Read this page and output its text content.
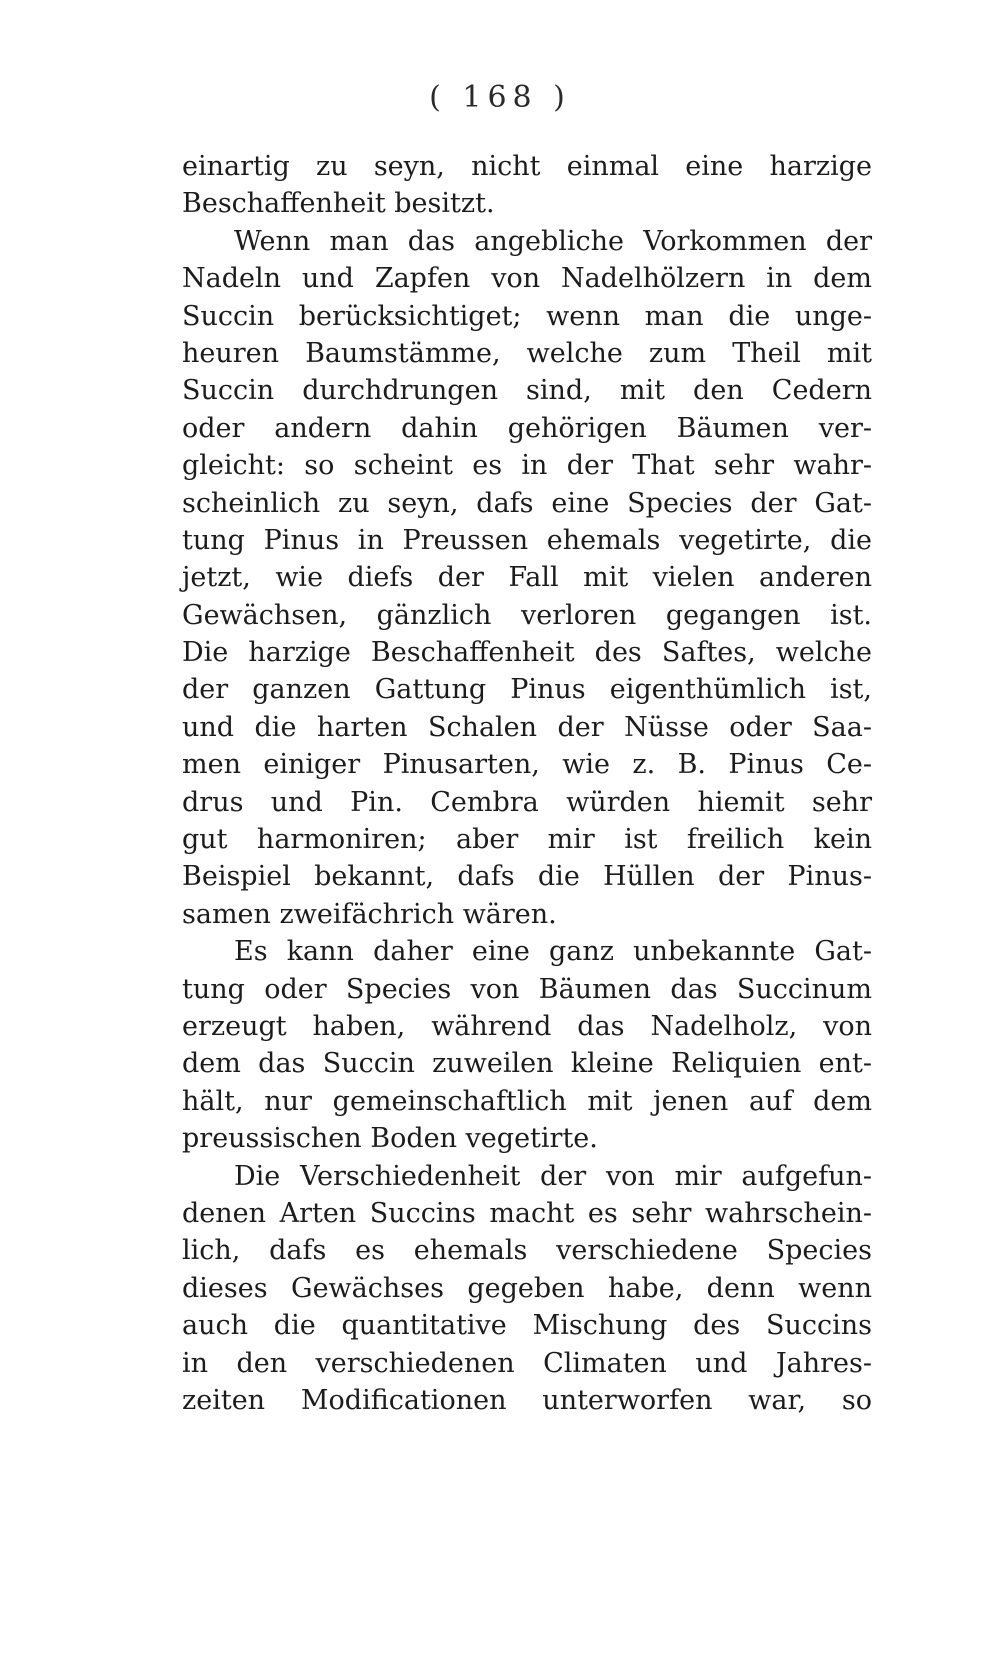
( 168 )
einartig zu seyn, nicht einmal eine harzige
Beschaffenheit besitzt.
Wenn man das angebliche Vorkommen der
Nadeln und Zapfen von Nadelhölzern in dem
Succin berücksichtiget; wenn man die unge-
heuren Baumstämme, welche zum Theil mit
Succin durchdrungen sind, mit den Cedern
oder andern dahin gehörigen Bäumen ver-
gleicht: so scheint es in der That sehr wahr-
scheinlich zu seyn, dafs eine Species der Gat-
tung Pinus in Preussen ehemals vegetirte, die
jetzt, wie diefs der Fall mit vielen anderen
Gewächsen, gänzlich verloren gegangen ist.
Die harzige Beschaffenheit des Saftes, welche
der ganzen Gattung Pinus eigenthümlich ist,
und die harten Schalen der Nüsse oder Saa-
men einiger Pinusarten, wie z. B. Pinus Ce-
drus und Pin. Cembra würden hiemit sehr
gut harmoniren; aber mir ist freilich kein
Beispiel bekannt, dafs die Hüllen der Pinus-
samen zweifächrich wären.
Es kann daher eine ganz unbekannte Gat-
tung oder Species von Bäumen das Succinum
erzeugt haben, während das Nadelholz, von
dem das Succin zuweilen kleine Reliquien ent-
hält, nur gemeinschaftlich mit jenen auf dem
preussischen Boden vegetirte.
Die Verschiedenheit der von mir aufgefun-
denen Arten Succins macht es sehr wahrschein-
lich, dafs es ehemals verschiedene Species
dieses Gewächses gegeben habe, denn wenn
auch die quantitative Mischung des Succins
in den verschiedenen Climaten und Jahres-
zeiten Modificationen unterworfen war, so
